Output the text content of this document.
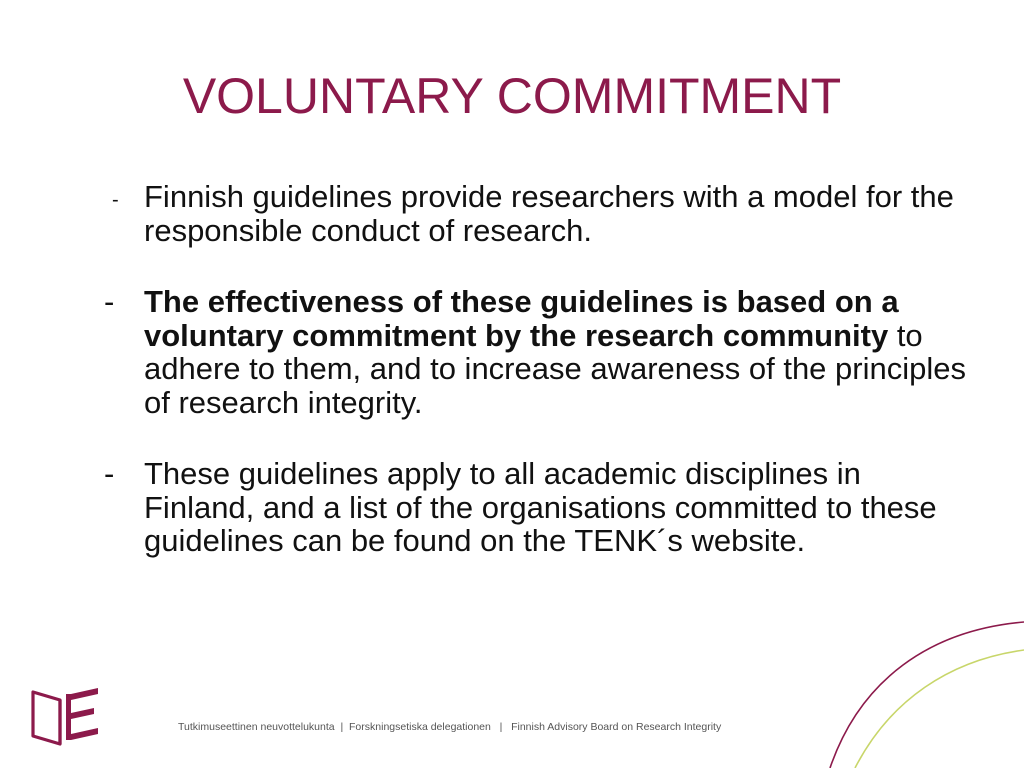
VOLUNTARY COMMITMENT
- Finnish guidelines provide researchers with a model for the responsible conduct of research.
- The effectiveness of these guidelines is based on a voluntary commitment by the research community to adhere to them, and to increase awareness of the principles of research integrity.
- These guidelines apply to all academic disciplines in Finland, and a list of the organisations committed to these guidelines can be found on the TENK´s website.
Tutkimuseettinen neuvottelukunta  |  Forskningsetiska delegationen   |   Finnish Advisory Board on Research Integrity
